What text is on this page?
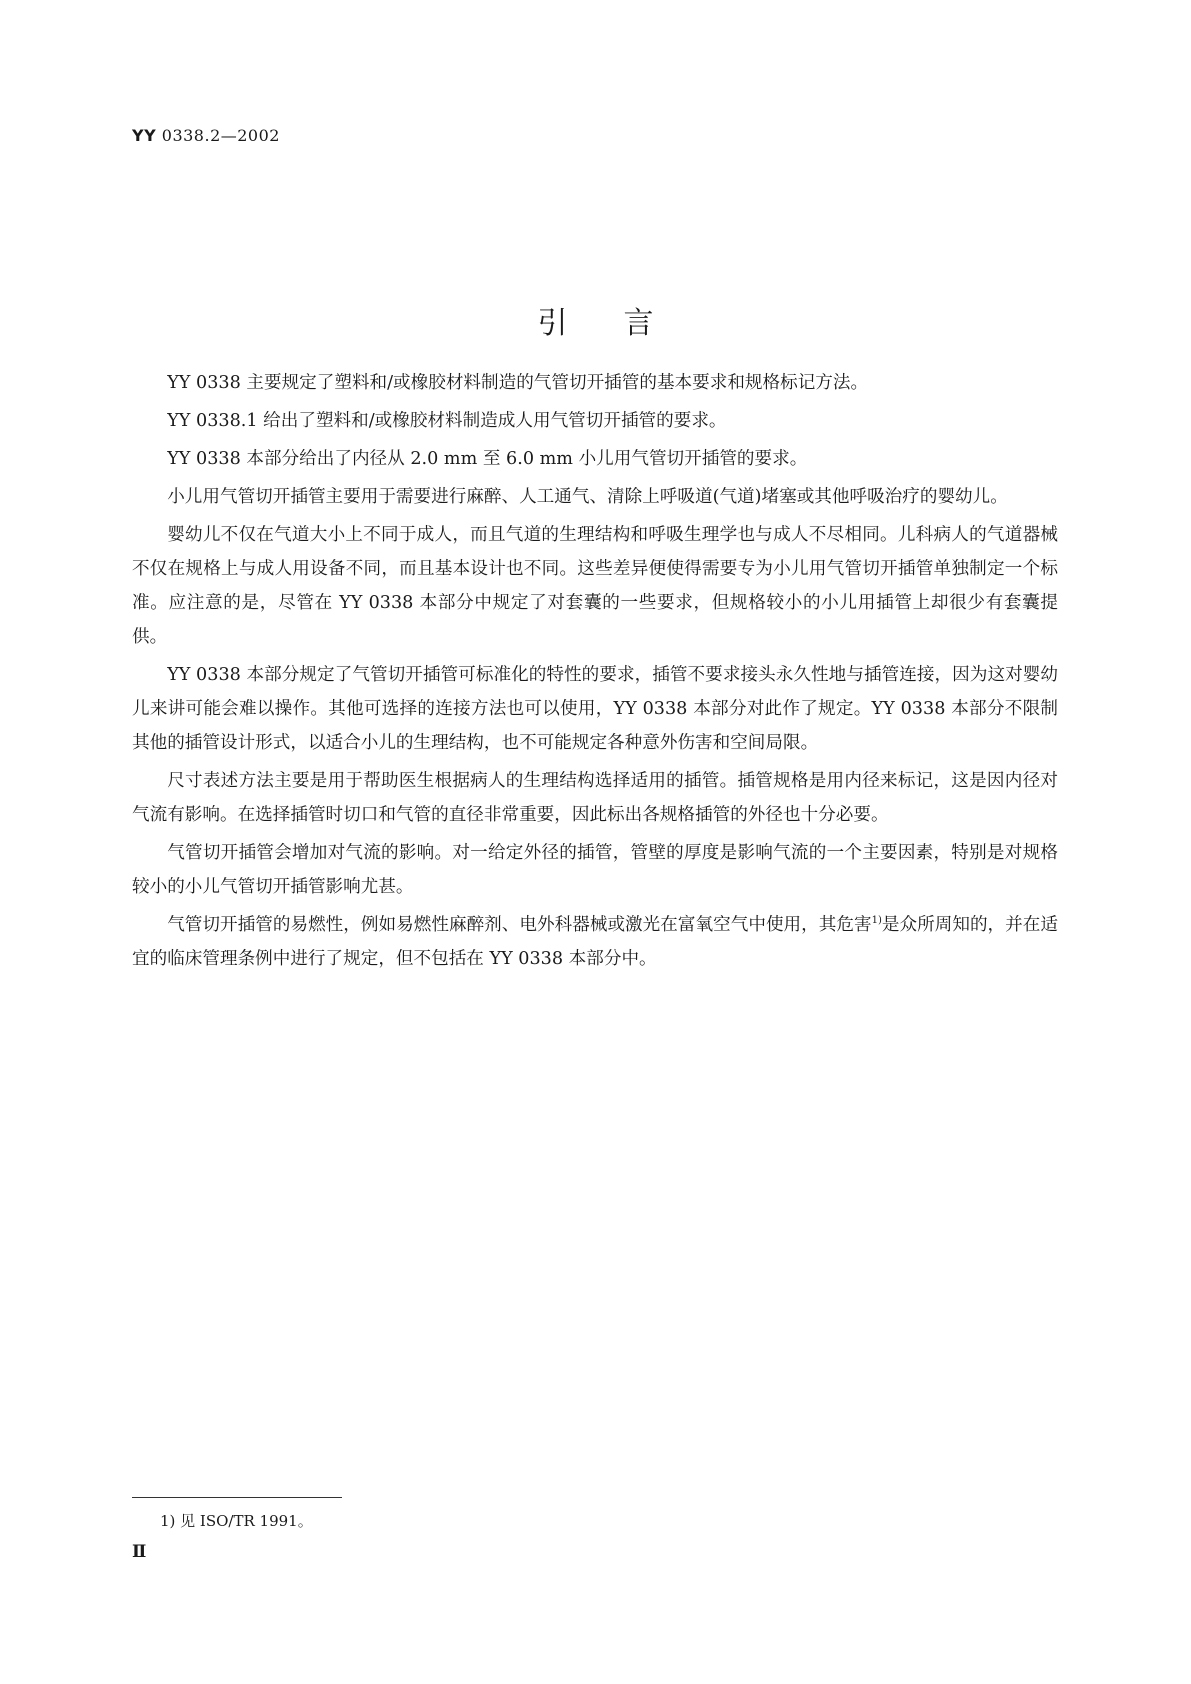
YY 0338.2—2002
引言

YY 0338 主要规定了塑料和/或橡胶材料制造的气管切开插管的基本要求和规格标记方法。

YY 0338.1 给出了塑料和/或橡胶材料制造成人用气管切开插管的要求。

YY 0338 本部分给出了内径从 2.0 mm 至 6.0 mm 小儿用气管切开插管的要求。

小儿用气管切开插管主要用于需要进行麻醉、人工通气、清除上呼吸道(气道)堵塞或其他呼吸治疗的婴幼儿。

婴幼儿不仅在气道大小上不同于成人，而且气道的生理结构和呼吸生理学也与成人不尽相同。儿科病人的气道器械不仅在规格上与成人用设备不同，而且基本设计也不同。这些差异便使得需要专为小儿用气管切开插管单独制定一个标准。应注意的是，尽管在 YY 0338 本部分中规定了对套囊的一些要求，但规格较小的小儿用插管上却很少有套囊提供。

YY 0338 本部分规定了气管切开插管可标准化的特性的要求，插管不要求接头永久性地与插管连接，因为这对婴幼儿来讲可能会难以操作。其他可选择的连接方法也可以使用，YY 0338 本部分对此作了规定。YY 0338 本部分不限制其他的插管设计形式，以适合小儿的生理结构，也不可能规定各种意外伤害和空间局限。

尺寸表述方法主要是用于帮助医生根据病人的生理结构选择适用的插管。插管规格是用内径来标记，这是因内径对气流有影响。在选择插管时切口和气管的直径非常重要，因此标出各规格插管的外径也十分必要。

气管切开插管会增加对气流的影响。对一给定外径的插管，管壁的厚度是影响气流的一个主要因素，特别是对规格较小的小儿气管切开插管影响尤甚。

气管切开插管的易燃性，例如易燃性麻醉剂、电外科器械或激光在富氧空气中使用，其危害$^{1)}$是众所周知的，并在适宜的临床管理条例中进行了规定，但不包括在 YY 0338 本部分中。

1) 见 ISO/TR 1991。
Ⅱ
